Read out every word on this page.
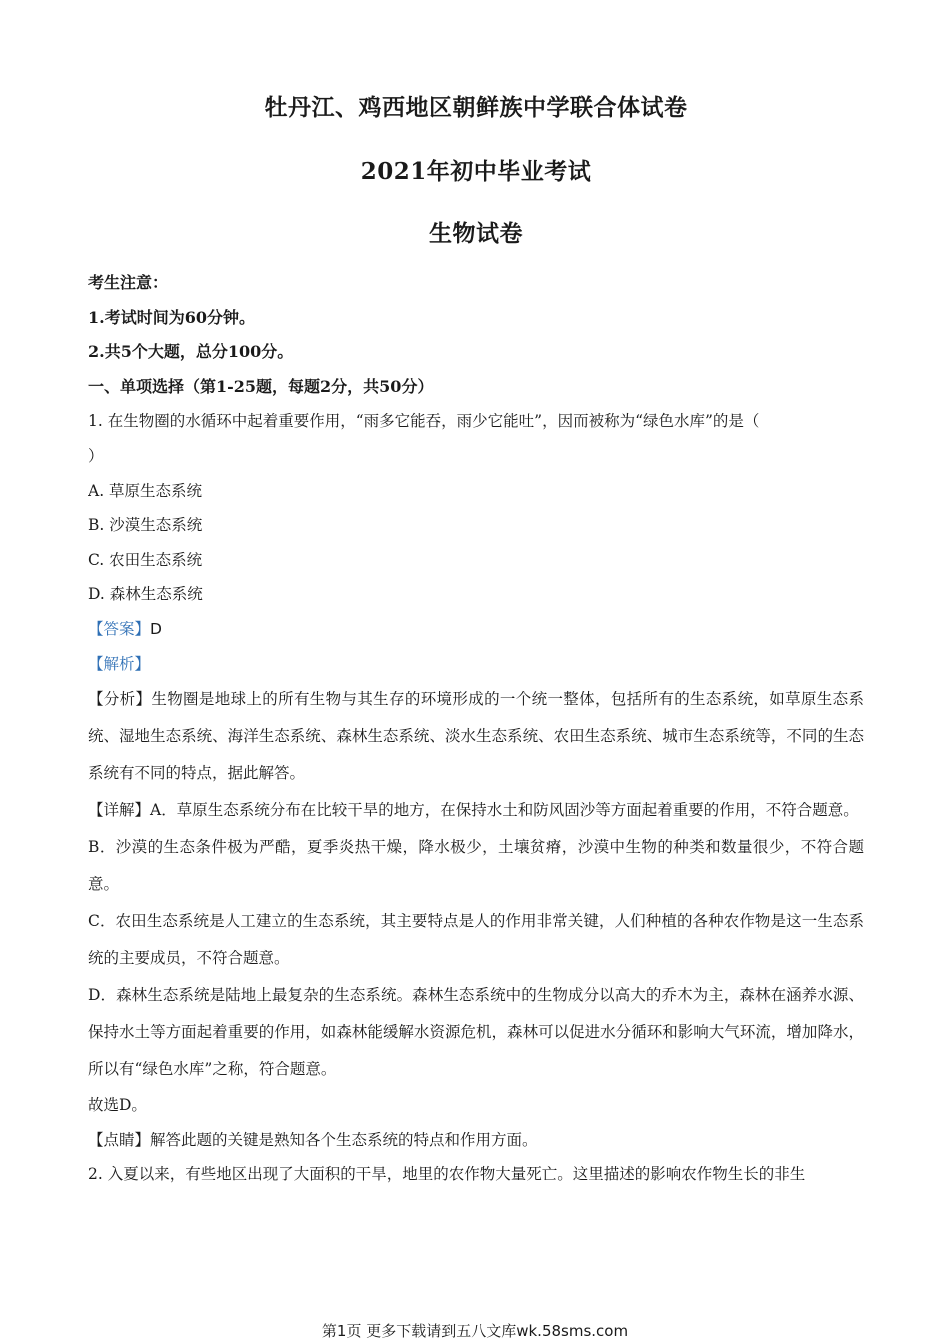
牡丹江、鸡西地区朝鲜族中学联合体试卷
2021年初中毕业考试
生物试卷
考生注意：
1.考试时间为60分钟。
2.共5个大题，总分100分。
一、单项选择（第1-25题，每题2分，共50分）
1. 在生物圈的水循环中起着重要作用，“雨多它能吞，雨少它能吐”，因而被称为“绿色水库”的是（
）
A. 草原生态系统
B. 沙漠生态系统
C. 农田生态系统
D. 森林生态系统
【答案】D
【解析】
【分析】生物圈是地球上的所有生物与其生存的环境形成的一个统一整体，包括所有的生态系统，如草原生态系统、湿地生态系统、海洋生态系统、森林生态系统、淡水生态系统、农田生态系统、城市生态系统等，不同的生态系统有不同的特点，据此解答。
【详解】A．草原生态系统分布在比较干旱的地方，在保持水土和防风固沙等方面起着重要的作用，不符合题意。
B．沙漠的生态条件极为严酷，夏季炎热干燥，降水极少，土壤贫瘠，沙漠中生物的种类和数量很少，不符合题意。
C．农田生态系统是人工建立的生态系统，其主要特点是人的作用非常关键，人们种植的各种农作物是这一生态系统的主要成员，不符合题意。
D．森林生态系统是陆地上最复杂的生态系统。森林生态系统中的生物成分以高大的乔木为主，森林在涵养水源、保持水土等方面起着重要的作用，如森林能缓解水资源危机，森林可以促进水分循环和影响大气环流，增加降水，所以有“绿色水库”之称，符合题意。
故选D。
【点睛】解答此题的关键是熟知各个生态系统的特点和作用方面。
2. 入夏以来，有些地区出现了大面积的干旱，地里的农作物大量死亡。这里描述的影响农作物生长的非生
第1页 更多下载请到五八文库wk.58sms.com
